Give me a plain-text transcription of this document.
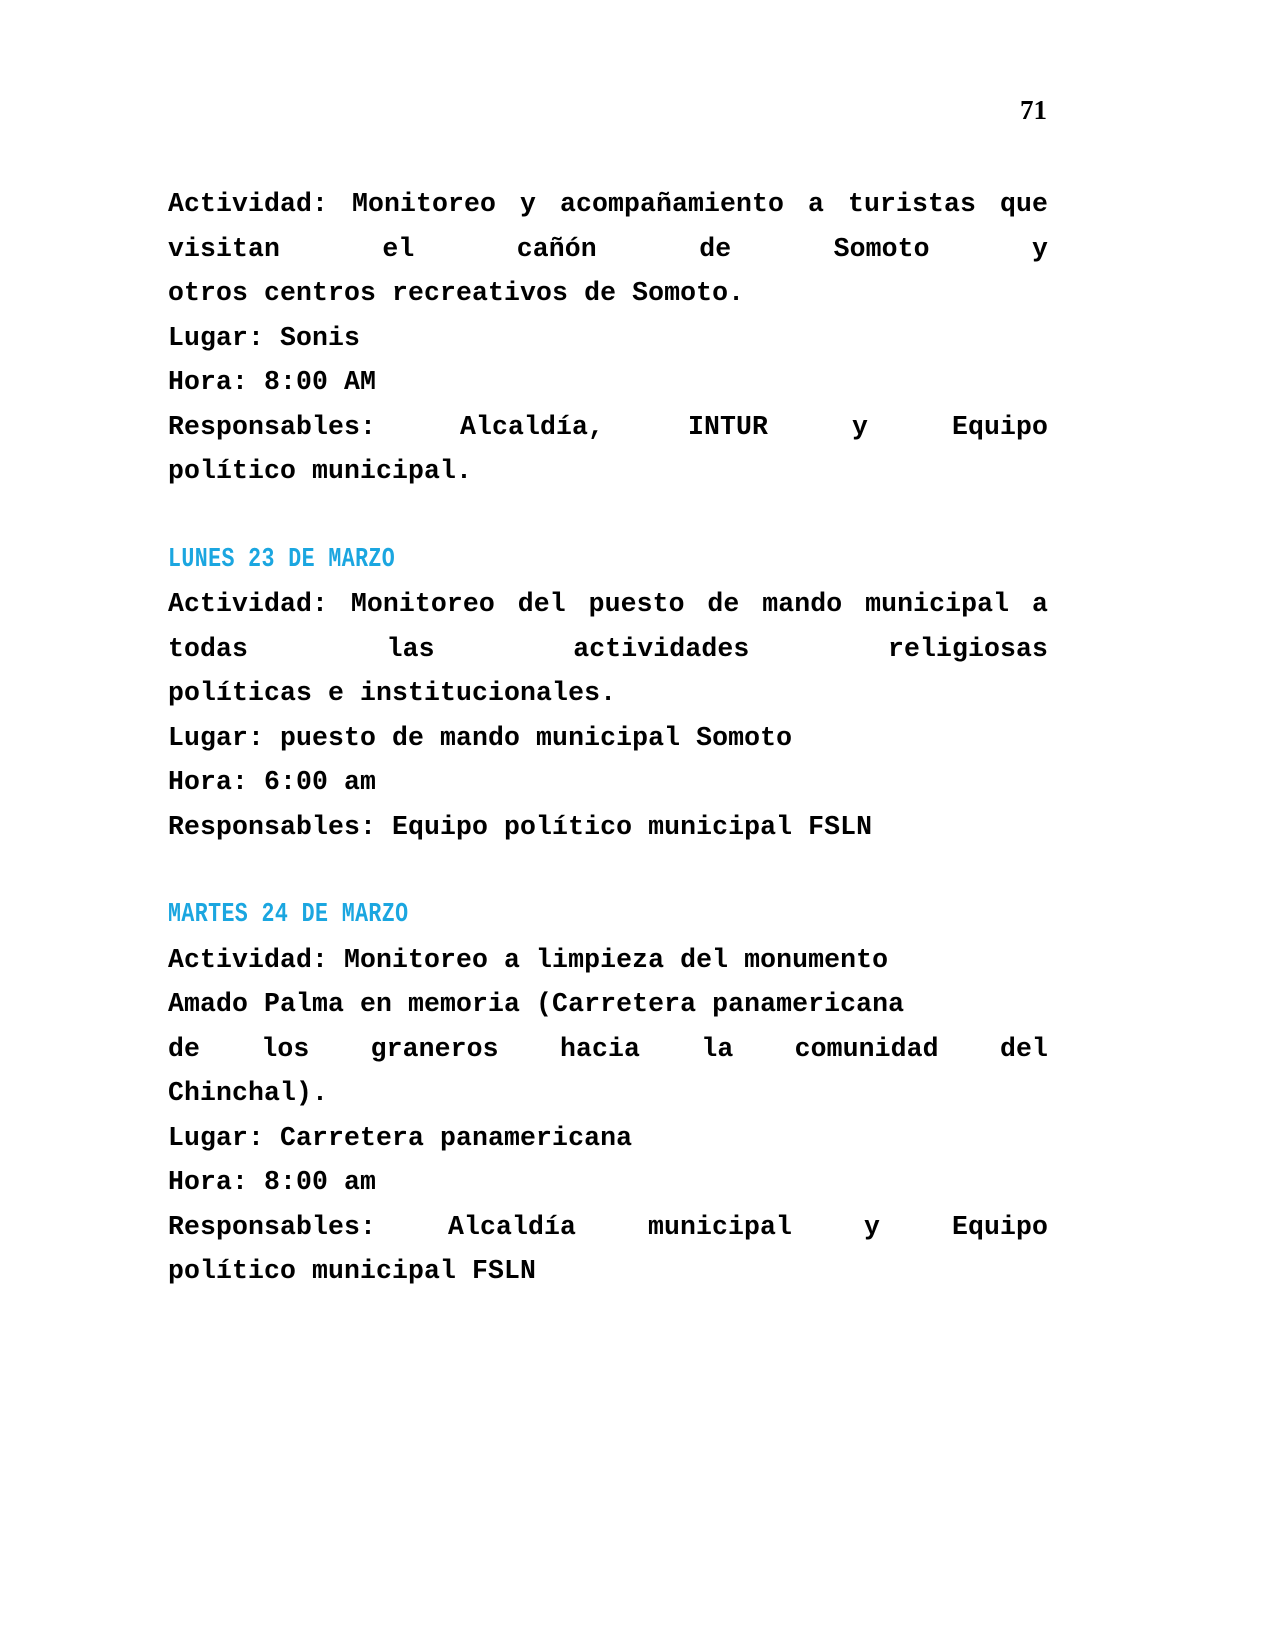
71

Actividad: Monitoreo y acompañamiento a turistas que visitan el cañón de Somoto y

otros centros recreativos de Somoto.

Lugar: Sonis

Hora: 8:00 AM

Responsables: Alcaldía, INTUR y Equipo

político municipal.

LUNES 23 DE MARZO

Actividad: Monitoreo del puesto de mando municipal a todas las actividades religiosas

políticas e institucionales.

Lugar: puesto de mando municipal Somoto

Hora: 6:00 am

Responsables: Equipo político municipal FSLN

MARTES 24 DE MARZO

Actividad: Monitoreo a limpieza del monumento

Amado Palma en memoria (Carretera panamericana

de los graneros hacia la comunidad del

Chinchal).

Lugar: Carretera panamericana

Hora: 8:00 am

Responsables: Alcaldía municipal y Equipo

político municipal FSLN
